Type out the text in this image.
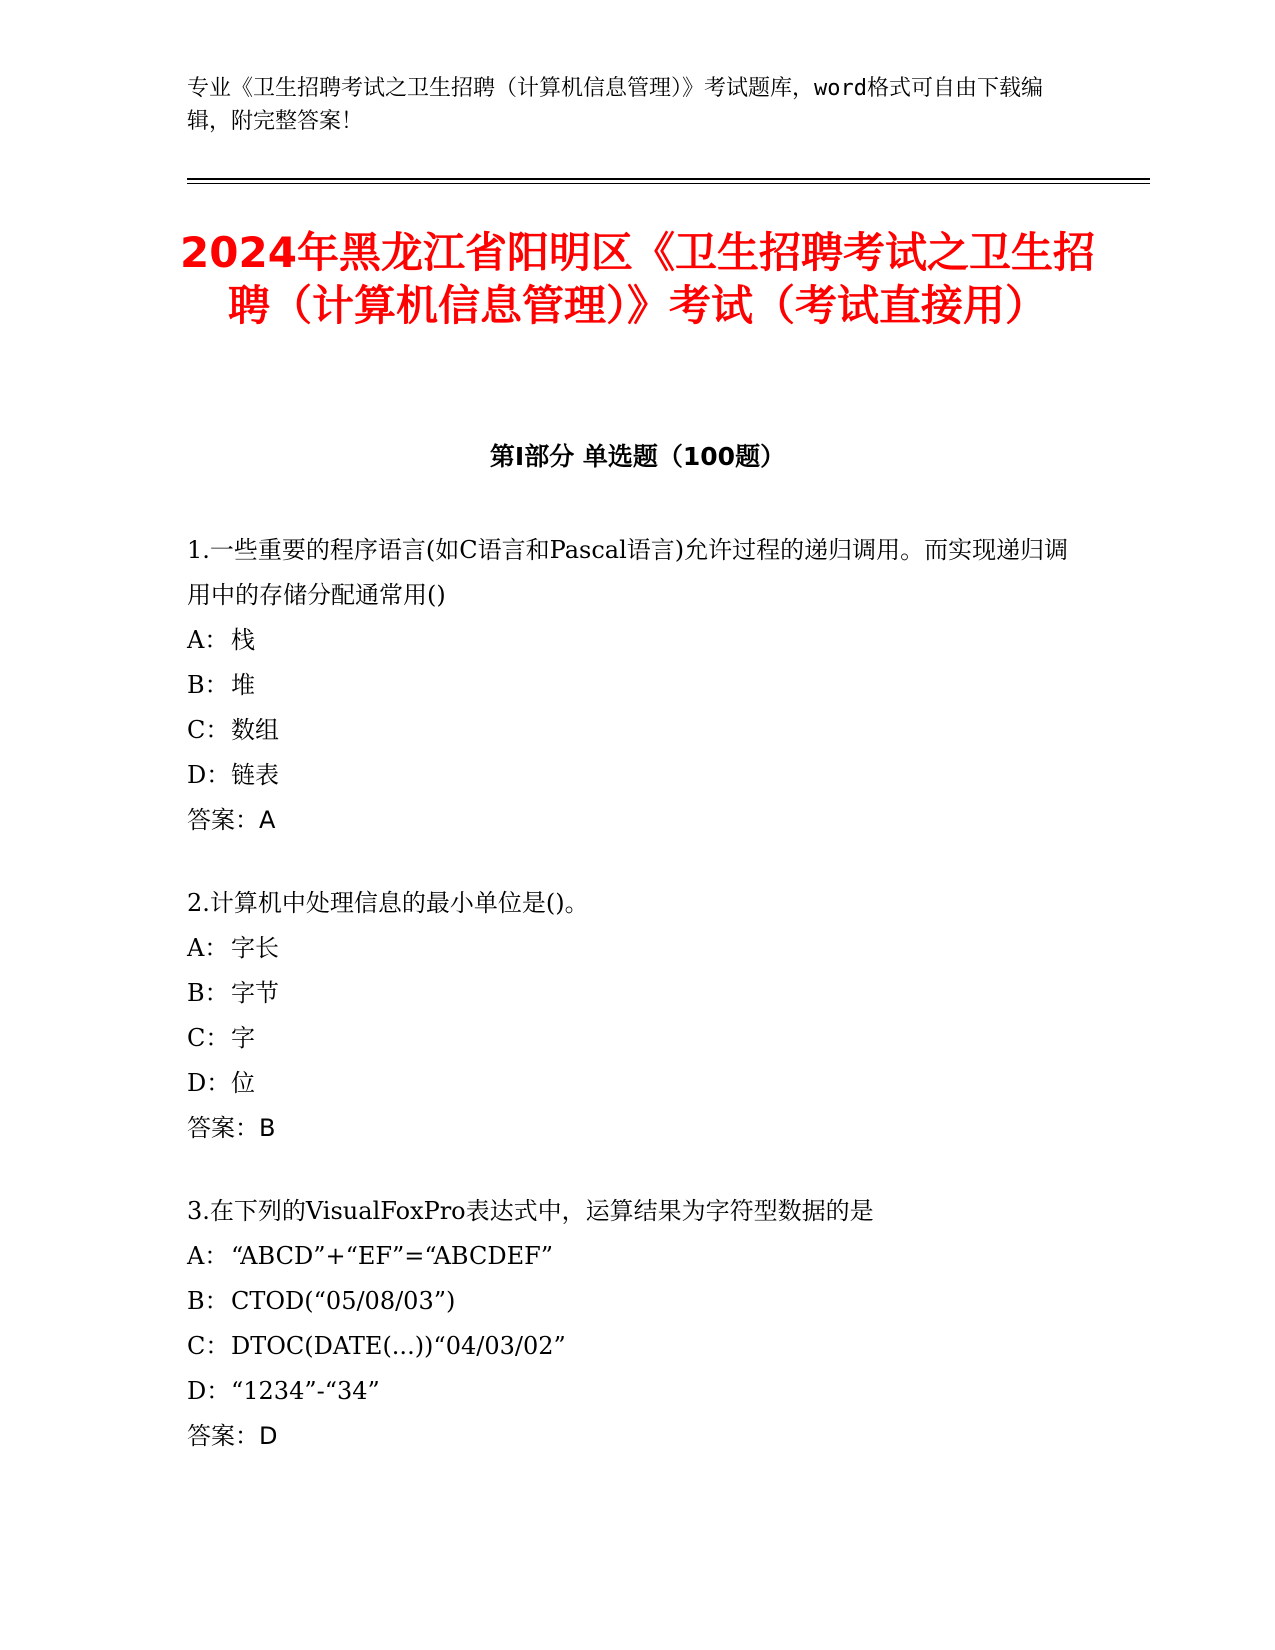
专业《卫生招聘考试之卫生招聘（计算机信息管理）》考试题库，word格式可自由下载编辑，附完整答案！
2024年黑龙江省阳明区《卫生招聘考试之卫生招聘（计算机信息管理）》考试（考试直接用）
第I部分 单选题（100题）
1.一些重要的程序语言(如C语言和Pascal语言)允许过程的递归调用。而实现递归调用中的存储分配通常用()
A： 栈
B： 堆
C： 数组
D： 链表
答案：A
2.计算机中处理信息的最小单位是()。
A： 字长
B： 字节
C： 字
D： 位
答案：B
3.在下列的VisualFoxPro表达式中，运算结果为字符型数据的是
A： “ABCD”+“EF”=“ABCDEF”
B： CTOD(“05/08/03”)
C： DTOC(DATE(...))“04/03/02”
D： “1234”-“34”
答案：D
